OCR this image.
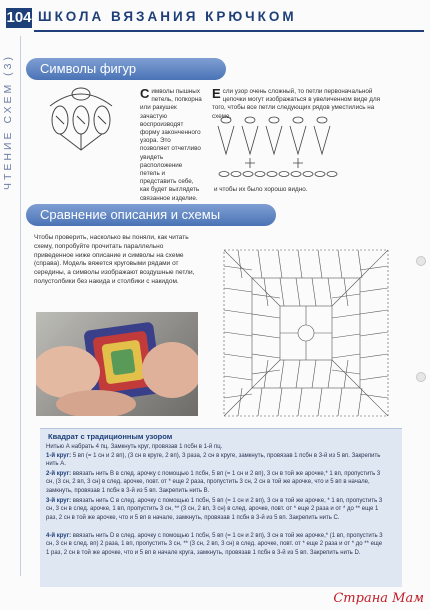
104 ШКОЛА ВЯЗАНИЯ КРЮЧКОМ
ЧТЕНИЕ СХЕМ (3)	Символы фигур
Символы пышных петель, попкорна или ракушек зачастую воспроизводят форму законченного узора. Это позволяет отчетливо увидеть расположение петель и представить себе, как будет выглядеть связанное изделие.
Если узор очень сложный, то петли первоначальной цепочки могут изображаться в увеличенном виде для того, чтобы все петли следующих рядов уместились на схеме,
и чтобы их было хорошо видно.
Сравнение описания и схемы
Чтобы проверить, насколько вы поняли, как читать схему, попробуйте прочитать параллельно приведенное ниже описание и символы на схеме (справа). Модель вяжется круговыми рядами от середины, а символы изображают воздушные петли, полустолбики без накида и столбики с накидом.
Квадрат с традиционным узором
Нитью А набрать 4 пц. Замкнуть круг, провязав 1 псбн в 1-й пц.
1-й круг: 5 вп (= 1 сн и 2 вп), (3 сн в круге, 2 вп), 3 раза, 2 сн в круге, замкнуть, провязав 1 псбн в 3-й из 5 вп. Закрепить нить А.
2-й круг: ввязать нить В в след. арочку с помощью 1 псбн, 5 вп (= 1 сн и 2 вп), 3 сн в той же арочке,* 1 вп, пропустить 3 сн, (3 сн, 2 вп, 3 сн) в след. арочке, повт. от * еще 2 раза, пропустить 3 сн, 2 сн в той же арочке, что и 5 вп в начале, замкнуть, провязав 1 псбн в 3-й из 5 вп. Закрепить нить В.
3-й круг: ввязать нить С в след. арочку с помощью 1 псбн, 5 вп (= 1 сн и 2 вп), 3 сн в той же арочке, * 1 вп, пропустить 3 сн, 3 сн в след. арочке, 1 вп, пропустить 3 сн, ** (3 сн, 2 вп, 3 сн) в след. арочке, повт. от * еще 2 раза и от * до ** еще 1 раз, 2 сн в той же арочке, что и 5 вп в начале, замкнуть, провязав 1 псбн в 3-й из 5 вп. Закрепить нить С.
4-й круг: ввязать нить D в след. арочку с помощью 1 псбн, 5 вп (= 1 сн и 2 вп), 3 сн в той же арочке,* (1 вп, пропустить 3 сн, 3 сн в след. вп) 2 раза, 1 вп, пропустить 3 сн, ** (3 сн, 2 вп, 3 сн) в след. арочке, повт. от * еще 2 раза и от * до ** еще 1 раз, 2 сн в той же арочке, что и 5 вп в начале круга, замкнуть, провязав 1 псбн в 3-й из 5 вп. Закрепить нить D.
Страна Мам
